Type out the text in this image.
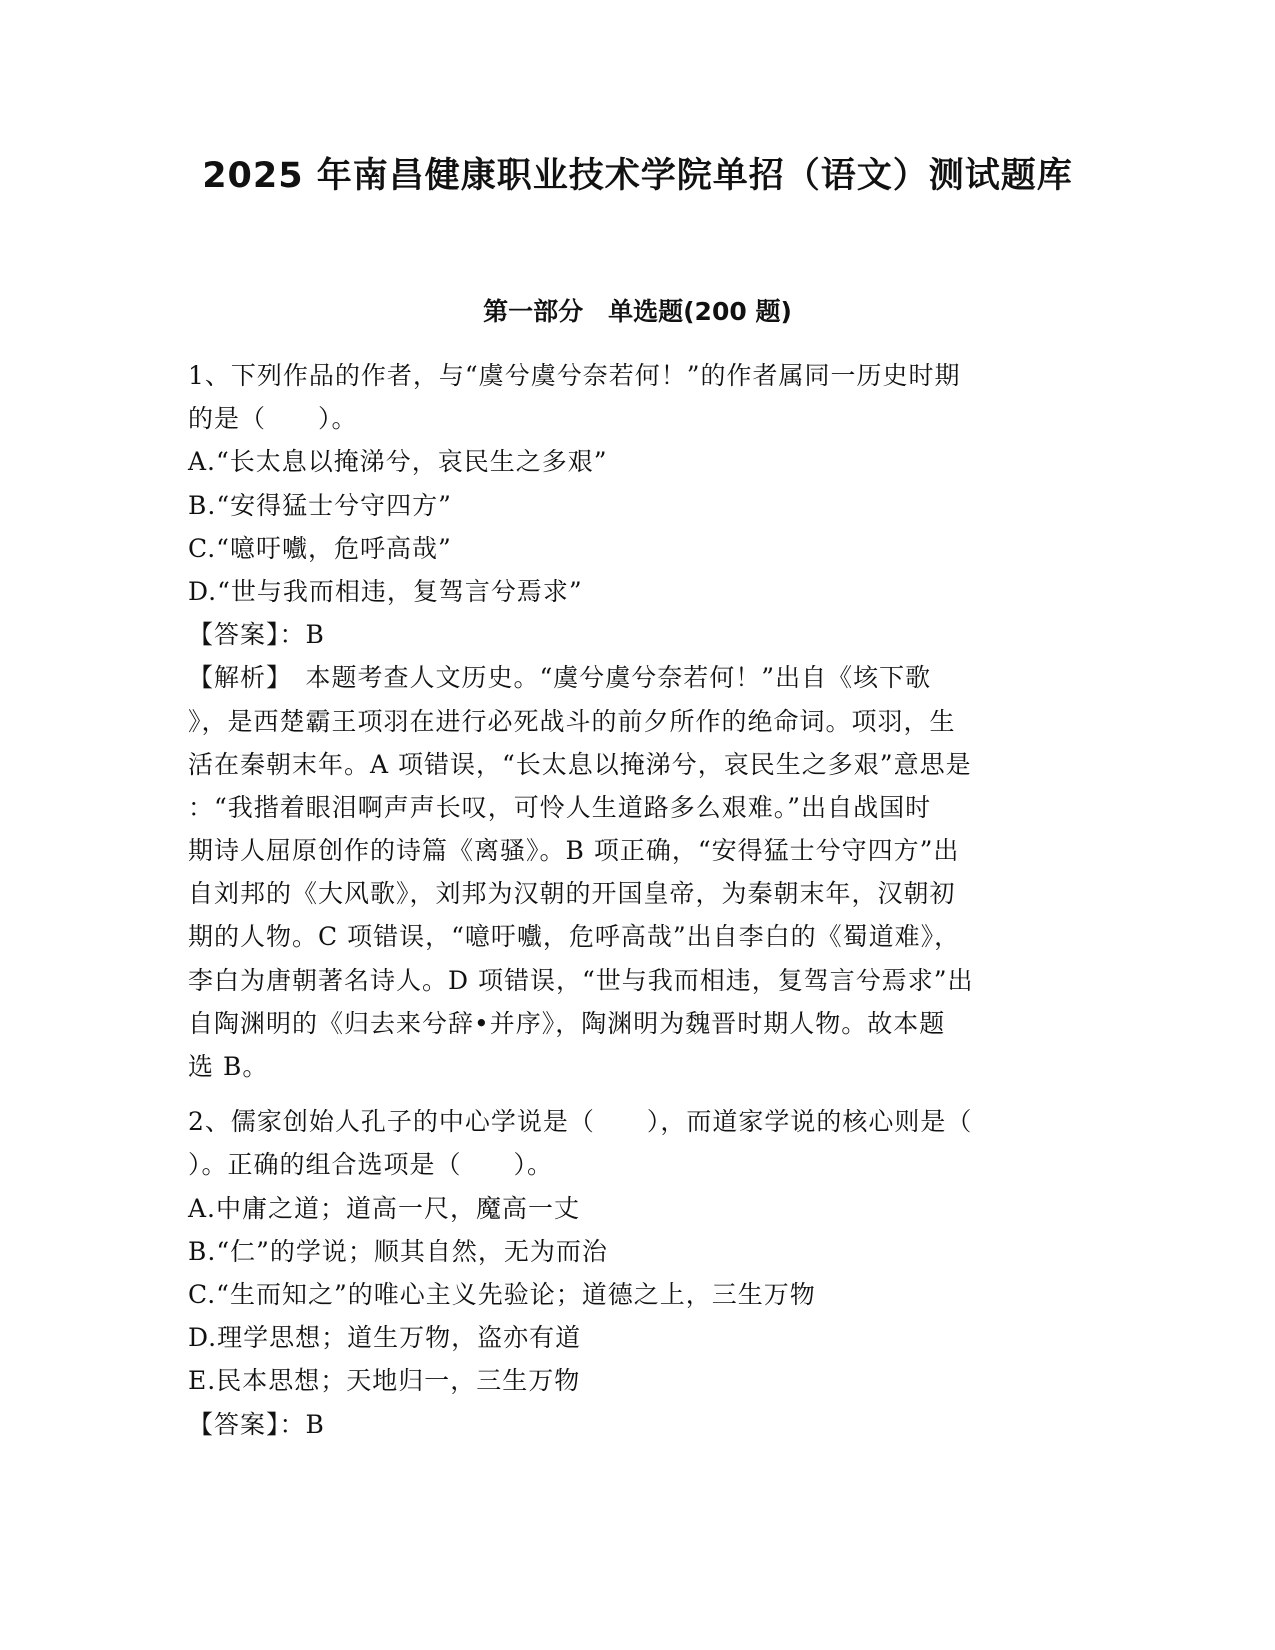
2025 年南昌健康职业技术学院单招（语文）测试题库
第一部分　单选题(200 题)
1、下列作品的作者，与“虞兮虞兮奈若何！”的作者属同一历史时期
的是（　　）。
A.“长太息以掩涕兮，哀民生之多艰”
B.“安得猛士兮守四方”
C.“噫吁嚱，危呼高哉”
D.“世与我而相违，复驾言兮焉求”
【答案】：B
【解析】　本题考查人文历史。“虞兮虞兮奈若何！”出自《垓下歌
》，是西楚霸王项羽在进行必死战斗的前夕所作的绝命词。项羽，生
活在秦朝末年。A 项错误，“长太息以掩涕兮，哀民生之多艰”意思是
：“我揩着眼泪啊声声长叹，可怜人生道路多么艰难。”出自战国时
期诗人屈原创作的诗篇《离骚》。B 项正确，“安得猛士兮守四方”出
自刘邦的《大风歌》，刘邦为汉朝的开国皇帝，为秦朝末年，汉朝初
期的人物。C 项错误，“噫吁嚱，危呼高哉”出自李白的《蜀道难》，
李白为唐朝著名诗人。D 项错误，“世与我而相违，复驾言兮焉求”出
自陶渊明的《归去来兮辞•并序》，陶渊明为魏晋时期人物。故本题
选 B。
2、儒家创始人孔子的中心学说是（　　），而道家学说的核心则是（
）。正确的组合选项是（　　）。
A.中庸之道；道高一尺，魔高一丈
B.“仁”的学说；顺其自然，无为而治
C.“生而知之”的唯心主义先验论；道德之上，三生万物
D.理学思想；道生万物，盗亦有道
E.民本思想；天地归一，三生万物
【答案】：B
